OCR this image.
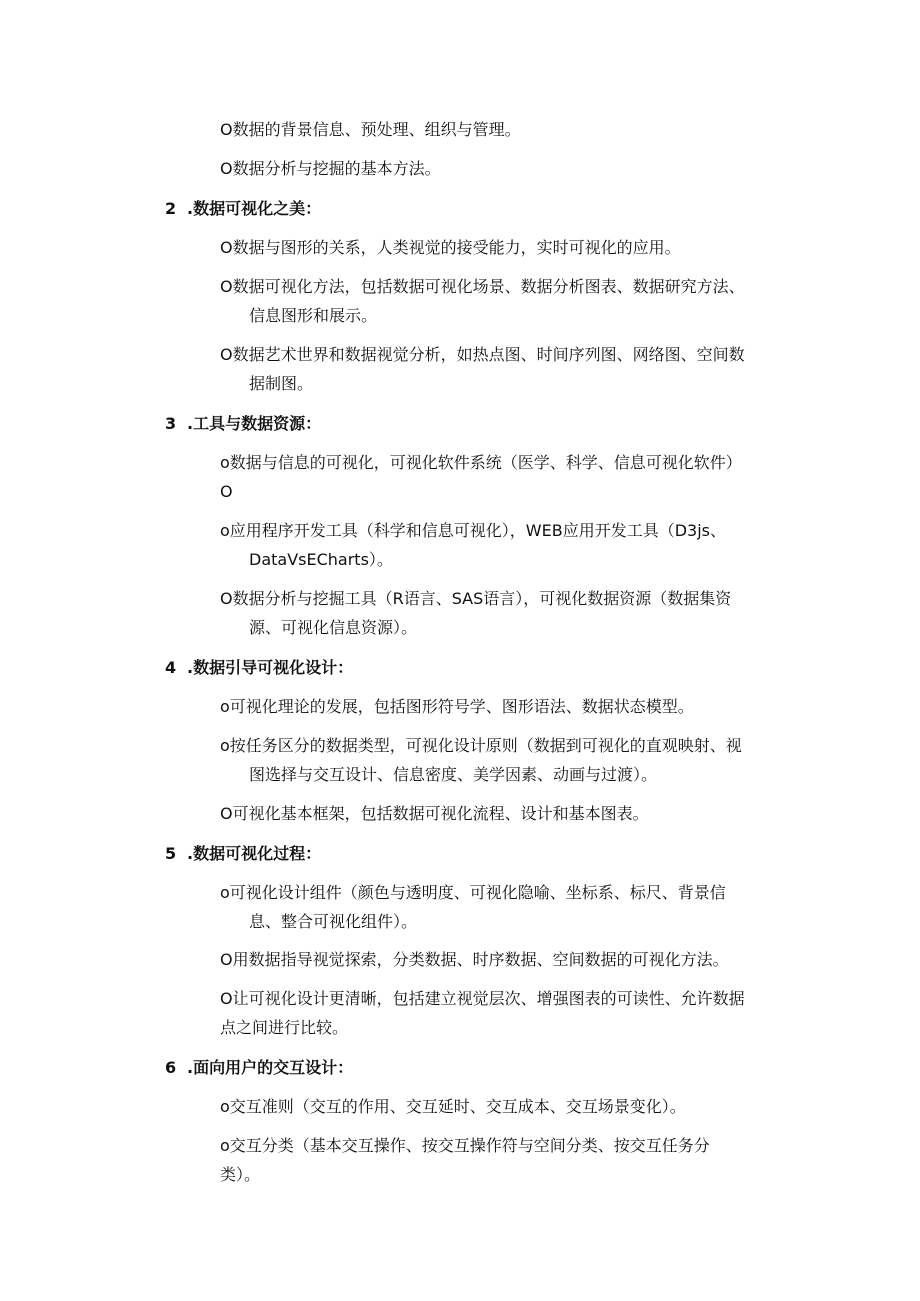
O数据的背景信息、预处理、组织与管理。
O数据分析与挖掘的基本方法。
2 .数据可视化之美：
O数据与图形的关系，人类视觉的接受能力，实时可视化的应用。
O数据可视化方法，包括数据可视化场景、数据分析图表、数据研究方法、
信息图形和展示。
O数据艺术世界和数据视觉分析，如热点图、时间序列图、网络图、空间数
据制图。
3 .工具与数据资源：
o数据与信息的可视化，可视化软件系统（医学、科学、信息可视化软件）
O
o应用程序开发工具（科学和信息可视化），WEB应用开发工具（D3js、
DataVsECharts）。
O数据分析与挖掘工具（R语言、SAS语言），可视化数据资源（数据集资
源、可视化信息资源）。
4 .数据引导可视化设计：
o可视化理论的发展，包括图形符号学、图形语法、数据状态模型。
o按任务区分的数据类型，可视化设计原则（数据到可视化的直观映射、视
图选择与交互设计、信息密度、美学因素、动画与过渡）。
O可视化基本框架，包括数据可视化流程、设计和基本图表。
5 .数据可视化过程：
o可视化设计组件（颜色与透明度、可视化隐喻、坐标系、标尺、背景信
息、整合可视化组件）。
O用数据指导视觉探索，分类数据、时序数据、空间数据的可视化方法。
O让可视化设计更清晰，包括建立视觉层次、增强图表的可读性、允许数据
点之间进行比较。
6 .面向用户的交互设计：
o交互准则（交互的作用、交互延时、交互成本、交互场景变化）。
o交互分类（基本交互操作、按交互操作符与空间分类、按交互任务分
类）。
